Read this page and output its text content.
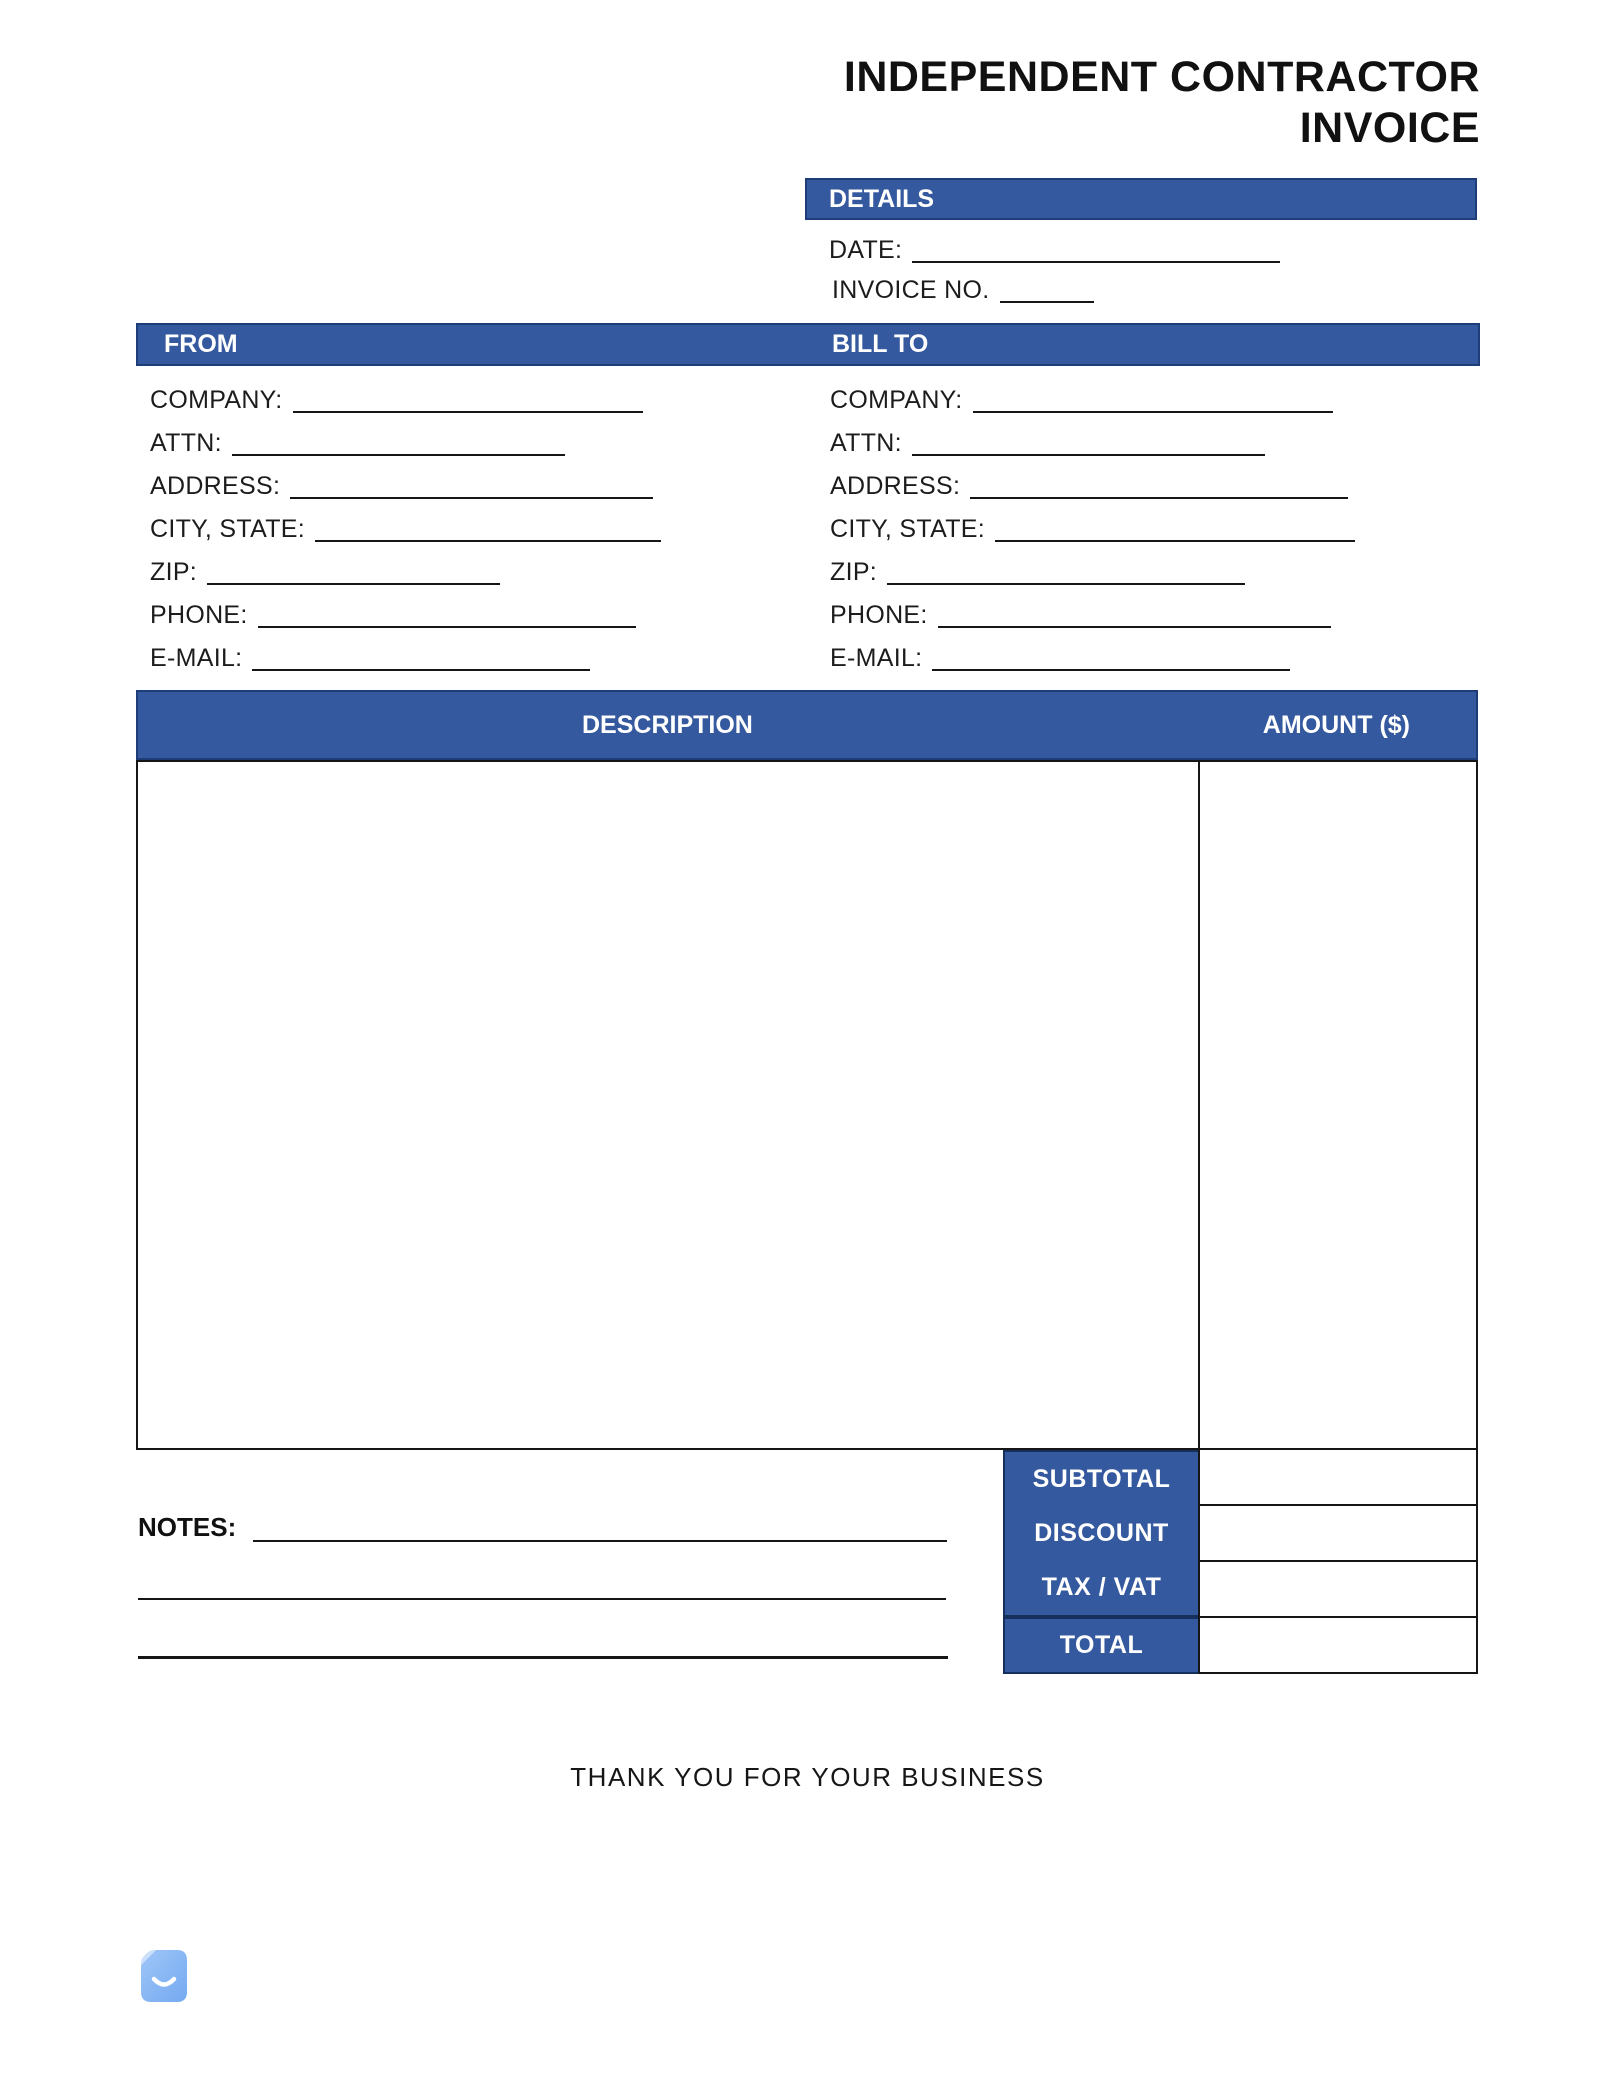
INDEPENDENT CONTRACTOR
INVOICE
DETAILS
DATE:
INVOICE NO.
FROM	BILL TO
COMPANY:
ATTN:
ADDRESS:
CITY, STATE:
ZIP:
PHONE:
E-MAIL:
COMPANY:
ATTN:
ADDRESS:
CITY, STATE:
ZIP:
PHONE:
E-MAIL:
DESCRIPTION	AMOUNT ($)
SUBTOTAL
DISCOUNT
TAX / VAT
TOTAL
NOTES:
THANK YOU FOR YOUR BUSINESS
